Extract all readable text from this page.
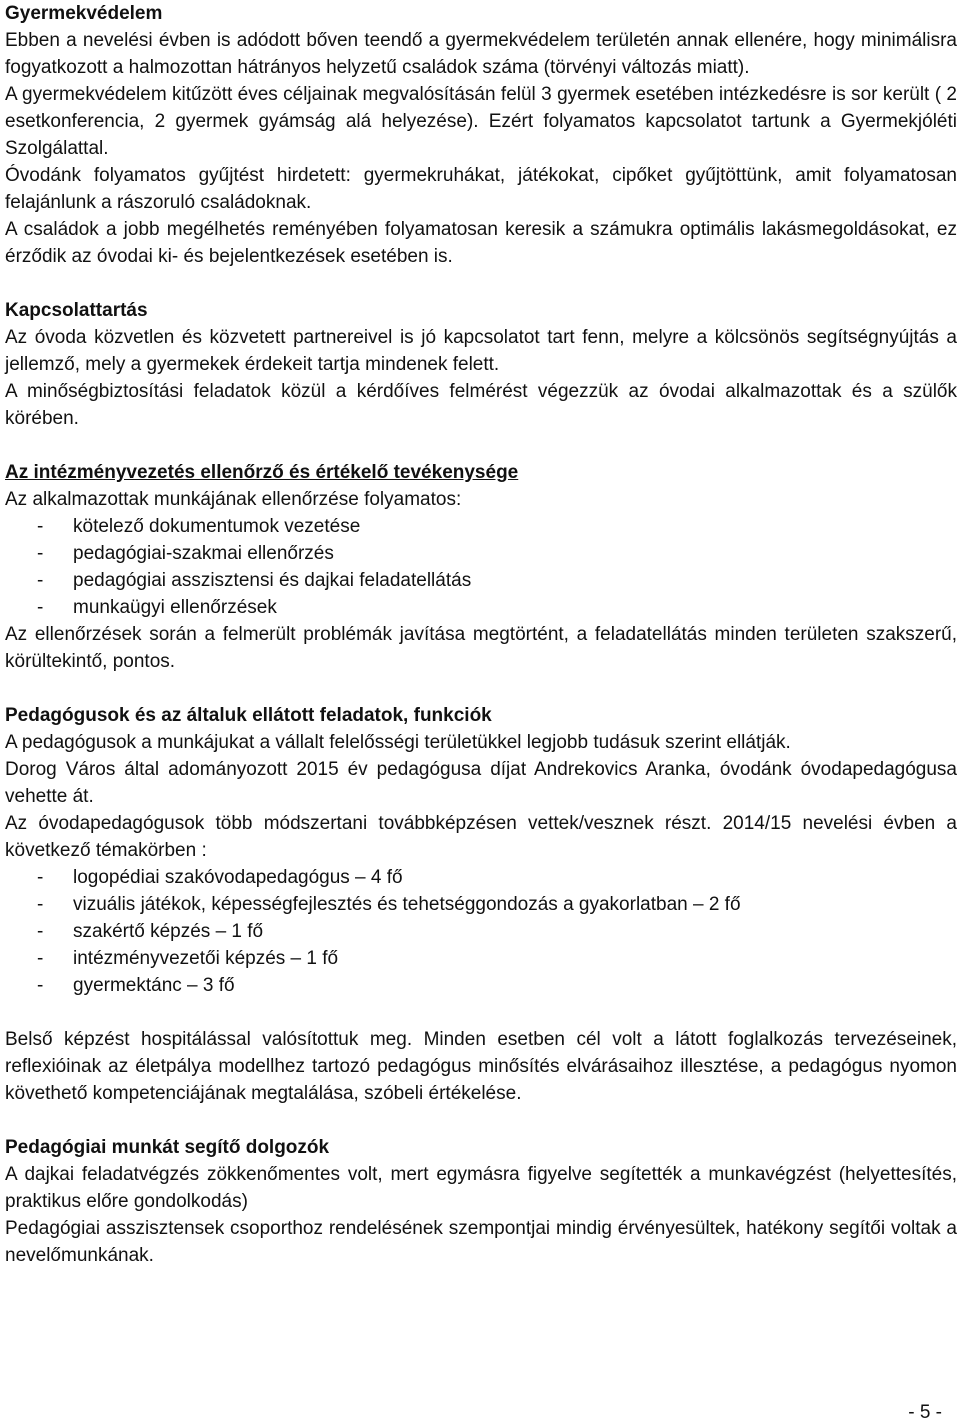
Gyermekvédelem

Ebben a nevelési évben is adódott bőven teendő a gyermekvédelem területén annak ellenére, hogy minimálisra fogyatkozott a halmozottan hátrányos helyzetű családok száma (törvényi változás miatt).

A gyermekvédelem kitűzött éves céljainak megvalósításán felül 3 gyermek esetében intézkedésre is sor került ( 2 esetkonferencia, 2 gyermek gyámság alá helyezése). Ezért folyamatos kapcsolatot tartunk a Gyermekjóléti Szolgálattal.

Óvodánk folyamatos gyűjtést hirdetett: gyermekruhákat, játékokat, cipőket gyűjtöttünk, amit folyamatosan felajánlunk a rászoruló családoknak.

A családok a jobb megélhetés reményében folyamatosan keresik a számukra optimális lakásmegoldásokat, ez érződik az óvodai ki- és bejelentkezések esetében is.

Kapcsolattartás

Az óvoda közvetlen és közvetett partnereivel is jó kapcsolatot tart fenn, melyre a kölcsönös segítségnyújtás a jellemző, mely a gyermekek érdekeit tartja mindenek felett.

A minőségbiztosítási feladatok közül a kérdőíves felmérést végezzük az óvodai alkalmazottak és a szülők körében.

Az intézményvezetés ellenőrző és értékelő tevékenysége

Az alkalmazottak munkájának ellenőrzése folyamatos:

- kötelező dokumentumok vezetése
- pedagógiai-szakmai ellenőrzés
- pedagógiai asszisztensi és dajkai feladatellátás
- munkaügyi ellenőrzések

Az ellenőrzések során a felmerült problémák javítása megtörtént, a feladatellátás minden területen szakszerű, körültekintő, pontos.

Pedagógusok és az általuk ellátott feladatok, funkciók

A pedagógusok a munkájukat a vállalt felelősségi területükkel legjobb tudásuk szerint ellátják.

Dorog Város által adományozott 2015 év pedagógusa díjat Andrekovics Aranka, óvodánk óvodapedagógusa vehette át.

Az óvodapedagógusok több módszertani továbbképzésen vettek/vesznek részt. 2014/15 nevelési évben a következő témakörben :

- logopédiai szakóvodapedagógus – 4 fő
- vizuális játékok, képességfejlesztés és tehetséggondozás a gyakorlatban – 2 fő
- szakértő képzés – 1 fő
- intézményvezetői képzés – 1 fő
- gyermektánc – 3 fő

Belső képzést hospitálással valósítottuk meg. Minden esetben cél volt a látott foglalkozás tervezéseinek, reflexióinak az életpálya modellhez tartozó pedagógus minősítés elvárásaihoz illesztése, a pedagógus nyomon követhető kompetenciájának megtalálása, szóbeli értékelése.

Pedagógiai munkát segítő dolgozók

A dajkai feladatvégzés zökkenőmentes volt, mert egymásra figyelve segítették a munkavégzést (helyettesítés, praktikus előre gondolkodás)

Pedagógiai asszisztensek csoporthoz rendelésének szempontjai mindig érvényesültek, hatékony segítői voltak a nevelőmunkának.

- 5 -
